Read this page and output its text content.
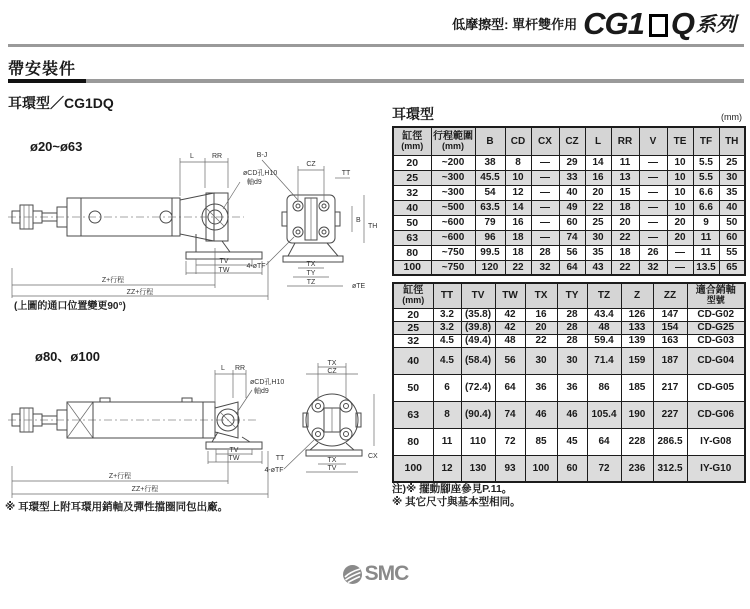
低摩擦型: 單杆雙作用 CG1 Q 系列
帶安裝件
耳環型／CG1DQ
ø20~ø63
L	RR	B-J
øCD孔H10
軸d9
TV
TW
Z+行程
ZZ+行程
CZ
TT
4-øTF	TX
TY
TZ
øTE
B
TH
(上圖的通口位置變更90°)
ø80、ø100
L RR
øCD孔H10
軸d9
TV
TW	TT
Z+行程
ZZ+行程
TX
CZ
4-øTF
TX
TV
CX
※ 耳環型上附耳環用銷軸及彈性擋圈同包出廠。
耳環型	(mm)
缸徑
(mm)

行程範圍
(mm)	B	CD	CX	CZ	L	RR	V	TE	TF	TH

20	~200	38	8	—	29	14	11	—	10	5.5	25
25	~300	45.5	10	—	33	16	13	—	10	5.5	30
32	~300	54	12	—	40	20	15	—	10	6.6	35
40	~500	63.5	14	—	49	22	18	—	10	6.6	40
50	~600	79	16	—	60	25	20	—	20	9	50
63	~600	96	18	—	74	30	22	—	20	11	60
80	~750	99.5	18	28	56	35	18	26	—	11	55
100	~750	120	22	32	64	43	22	32	—	13.5	65
缸徑
(mm)	TT	TV	TW	TX	TY	TZ	Z	ZZ	適合銷軸
型號

20	3.2	(35.8)	42	16	28	43.4	126	147	CD-G02
25	3.2	(39.8)	42	20	28	48	133	154	CD-G25
32	4.5	(49.4)	48	22	28	59.4	139	163	CD-G03
40	4.5	(58.4)	56	30	30	71.4	159	187	CD-G04
50	6	(72.4)	64	36	36	86	185	217	CD-G05
63	8	(90.4)	74	46	46	105.4	190	227	CD-G06
80	11	110	72	85	45	64	228	286.5	IY-G08
100	12	130	93	100	60	72	236	312.5	IY-G10
注)※ 擺動腳座參見P.11。
※ 其它尺寸與基本型相同。
SMC
